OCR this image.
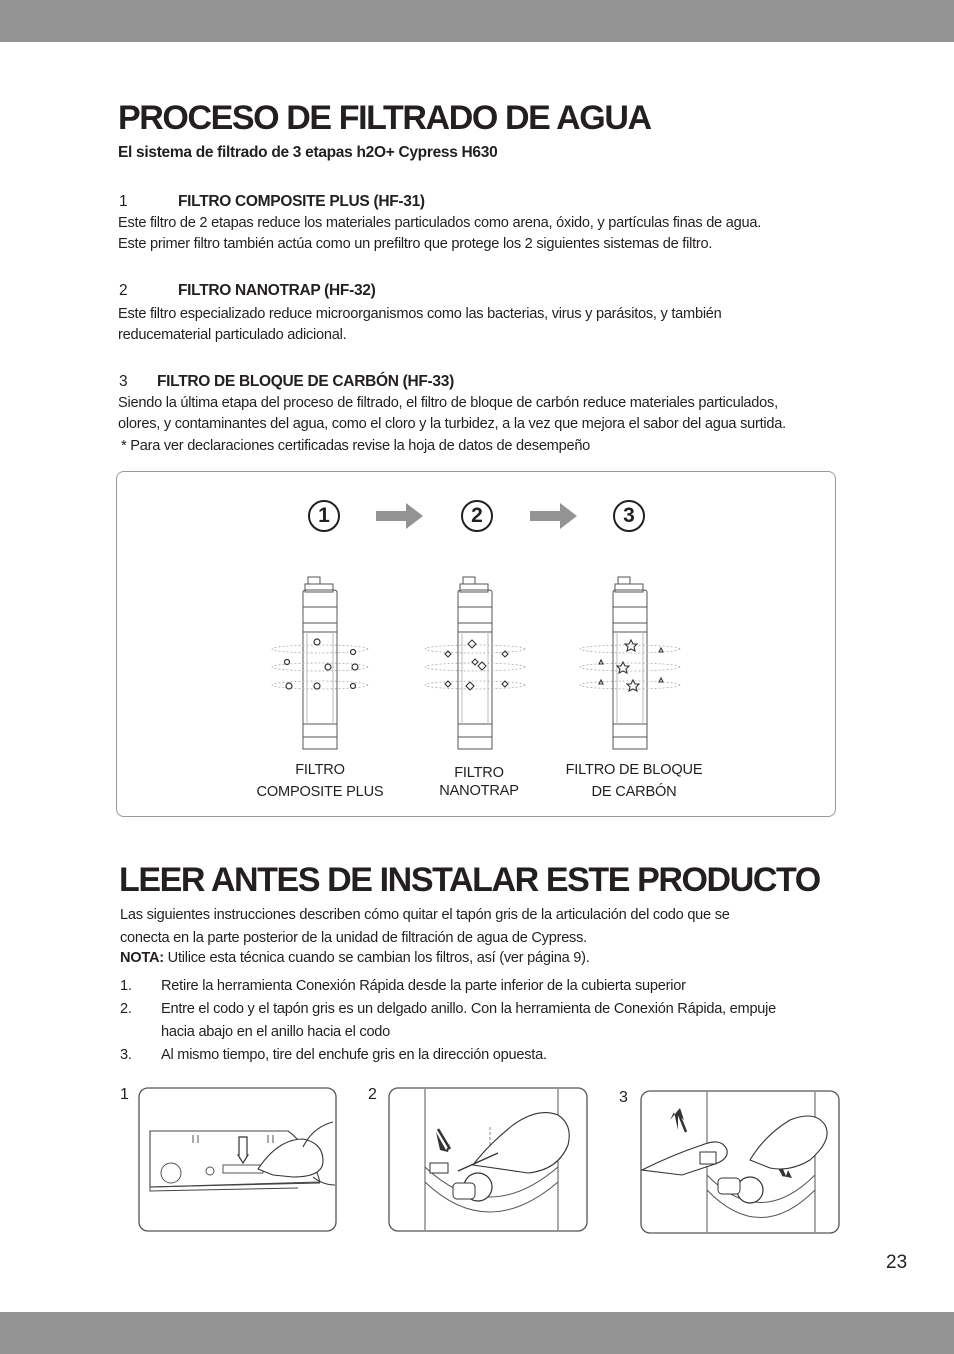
PROCESO DE FILTRADO DE AGUA
El sistema de filtrado de 3 etapas h2O+ Cypress H630
1	FILTRO COMPOSITE PLUS (HF-31)
Este filtro de 2 etapas reduce los materiales particulados como arena, óxido, y partículas finas de agua.
Este primer filtro también actúa como un prefiltro que protege los 2 siguientes sistemas de filtro.
2	FILTRO NANOTRAP (HF-32)
Este filtro especializado reduce microorganismos como las bacterias, virus y parásitos, y también
reducematerial particulado adicional.
3 FILTRO DE BLOQUE DE CARBÓN (HF-33)
Siendo la última etapa del proceso de filtrado, el filtro de bloque de carbón reduce materiales particulados,
olores, y contaminantes del agua, como el cloro y la turbidez, a la vez que mejora el sabor del agua surtida.
* Para ver declaraciones certificadas revise la hoja de datos de desempeño
1	2	3
FILTRO
COMPOSITE PLUS
FILTRO
NANOTRAP
FILTRO DE BLOQUE
DE CARBÓN
LEER ANTES DE INSTALAR ESTE PRODUCTO
Las siguientes instrucciones describen cómo quitar el tapón gris de la articulación del codo que se
conecta en la parte posterior de la unidad de filtración de agua de Cypress.
NOTA: Utilice esta técnica cuando se cambian los filtros, así (ver página 9).
1.	Retire la herramienta Conexión Rápida desde la parte inferior de la cubierta superior
2.	Entre el codo y el tapón gris es un delgado anillo. Con la herramienta de Conexión Rápida, empuje
hacia abajo en el anillo hacia el codo
3.	Al mismo tiempo, tire del enchufe gris en la dirección opuesta.
1	2	3
23
